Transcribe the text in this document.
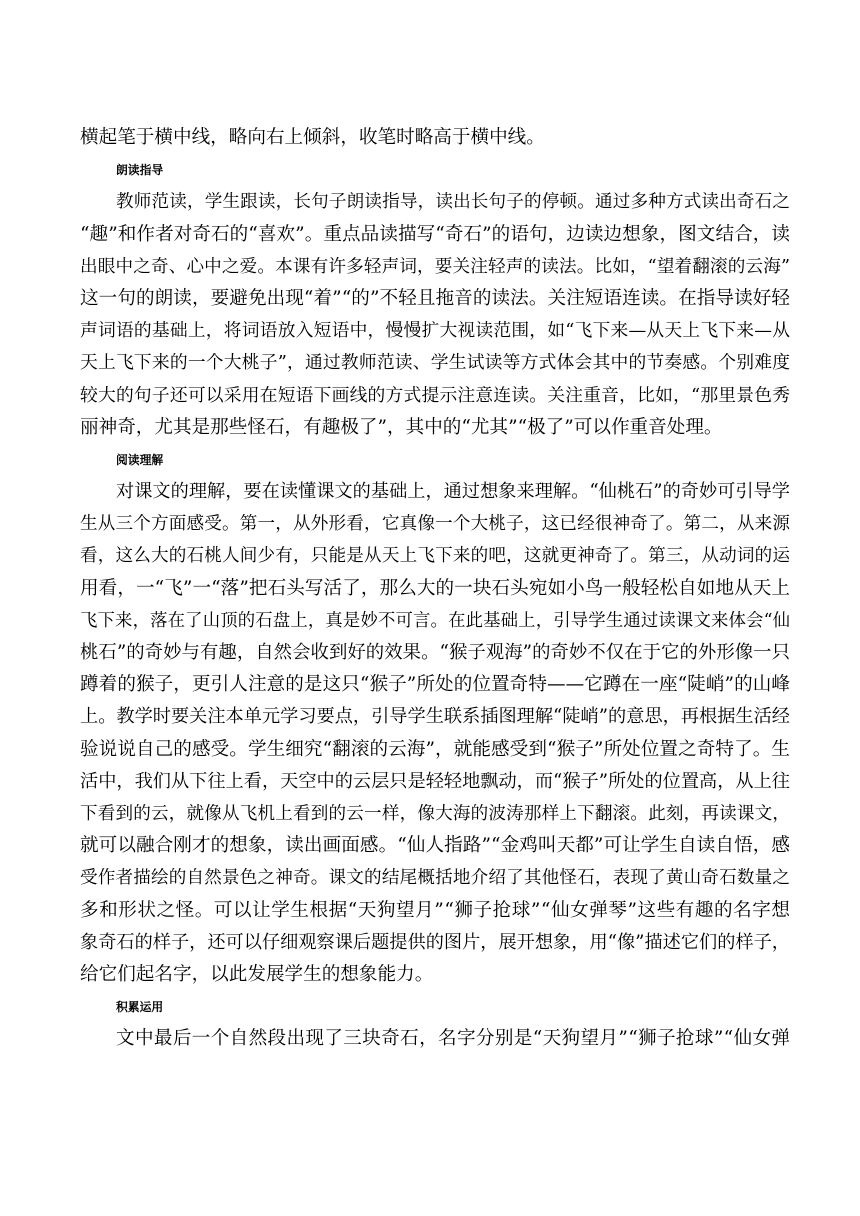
横起笔于横中线，略向右上倾斜，收笔时略高于横中线。
朗读指导
教师范读，学生跟读，长句子朗读指导，读出长句子的停顿。通过多种方式读出奇石之
“趣”和作者对奇石的“喜欢”。重点品读描写“奇石”的语句，边读边想象，图文结合，读
出眼中之奇、心中之爱。本课有许多轻声词，要关注轻声的读法。比如，“望着翻滚的云海”
这一句的朗读，要避免出现“着”“的”不轻且拖音的读法。关注短语连读。在指导读好轻
声词语的基础上，将词语放入短语中，慢慢扩大视读范围，如“飞下来—从天上飞下来—从
天上飞下来的一个大桃子”，通过教师范读、学生试读等方式体会其中的节奏感。个别难度
较大的句子还可以采用在短语下画线的方式提示注意连读。关注重音，比如，“那里景色秀
丽神奇，尤其是那些怪石，有趣极了”，其中的“尤其”“极了”可以作重音处理。
阅读理解
对课文的理解，要在读懂课文的基础上，通过想象来理解。“仙桃石”的奇妙可引导学
生从三个方面感受。第一，从外形看，它真像一个大桃子，这已经很神奇了。第二，从来源
看，这么大的石桃人间少有，只能是从天上飞下来的吧，这就更神奇了。第三，从动词的运
用看，一“飞”一“落”把石头写活了，那么大的一块石头宛如小鸟一般轻松自如地从天上
飞下来，落在了山顶的石盘上，真是妙不可言。在此基础上，引导学生通过读课文来体会“仙
桃石”的奇妙与有趣，自然会收到好的效果。“猴子观海”的奇妙不仅在于它的外形像一只
蹲着的猴子，更引人注意的是这只“猴子”所处的位置奇特——它蹲在一座“陡峭”的山峰
上。教学时要关注本单元学习要点，引导学生联系插图理解“陡峭”的意思，再根据生活经
验说说自己的感受。学生细究“翻滚的云海”，就能感受到“猴子”所处位置之奇特了。生
活中，我们从下往上看，天空中的云层只是轻轻地飘动，而“猴子”所处的位置高，从上往
下看到的云，就像从飞机上看到的云一样，像大海的波涛那样上下翻滚。此刻，再读课文，
就可以融合刚才的想象，读出画面感。“仙人指路”“金鸡叫天都”可让学生自读自悟，感
受作者描绘的自然景色之神奇。课文的结尾概括地介绍了其他怪石，表现了黄山奇石数量之
多和形状之怪。可以让学生根据“天狗望月”“狮子抢球”“仙女弹琴”这些有趣的名字想
象奇石的样子，还可以仔细观察课后题提供的图片，展开想象，用“像”描述它们的样子，
给它们起名字，以此发展学生的想象能力。
积累运用
文中最后一个自然段出现了三块奇石，名字分别是“天狗望月”“狮子抢球”“仙女弹
